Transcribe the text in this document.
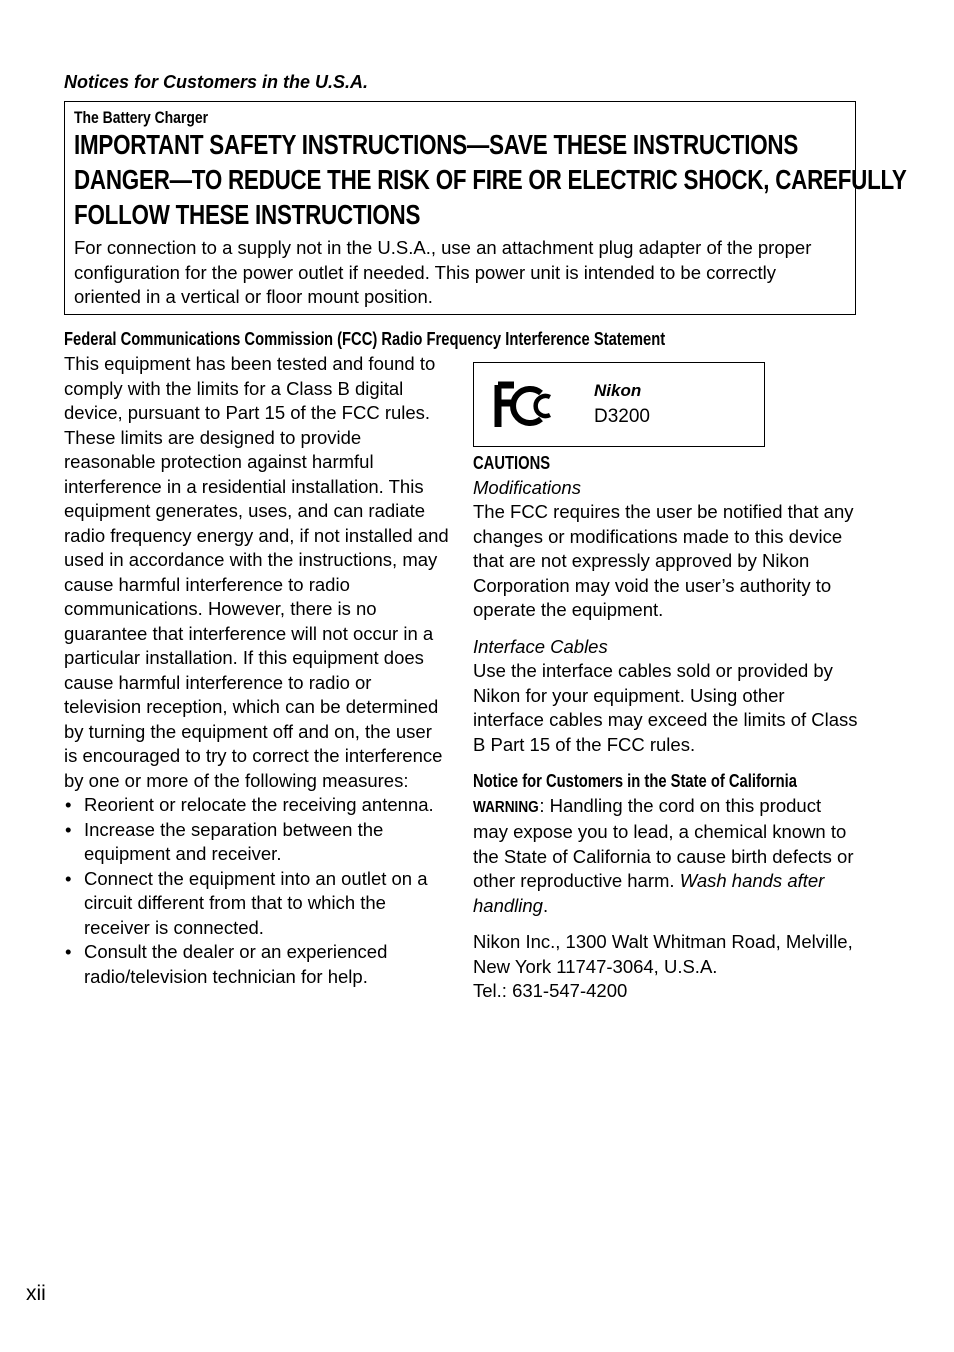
Notices for Customers in the U.S.A.
The Battery Charger
IMPORTANT SAFETY INSTRUCTIONS—SAVE THESE INSTRUCTIONS
DANGER—TO REDUCE THE RISK OF FIRE OR ELECTRIC SHOCK, CAREFULLY
FOLLOW THESE INSTRUCTIONS
For connection to a supply not in the U.S.A., use an attachment plug adapter of the proper configuration for the power outlet if needed. This power unit is intended to be correctly oriented in a vertical or floor mount position.
Federal Communications Commission (FCC) Radio Frequency Interference Statement

This equipment has been tested and found to comply with the limits for a Class B digital device, pursuant to Part 15 of the FCC rules. These limits are designed to provide reasonable protection against harmful interference in a residential installation. This equipment generates, uses, and can radiate radio frequency energy and, if not installed and used in accordance with the instructions, may cause harmful interference to radio communications. However, there is no guarantee that interference will not occur in a particular installation. If this equipment does cause harmful interference to radio or television reception, which can be determined by turning the equipment off and on, the user is encouraged to try to correct the interference by one or more of the following measures:

• Reorient or relocate the receiving antenna.
• Increase the separation between the equipment and receiver.
• Connect the equipment into an outlet on a circuit different from that to which the receiver is connected.
• Consult the dealer or an experienced radio/television technician for help.
Nikon
D3200
CAUTIONS

Modifications

The FCC requires the user be notified that any changes or modifications made to this device that are not expressly approved by Nikon Corporation may void the user’s authority to operate the equipment.

Interface Cables

Use the interface cables sold or provided by Nikon for your equipment. Using other interface cables may exceed the limits of Class B Part 15 of the FCC rules.

Notice for Customers in the State of California

WARNING: Handling the cord on this product may expose you to lead, a chemical known to the State of California to cause birth defects or other reproductive harm. Wash hands after handling.

Nikon Inc., 1300 Walt Whitman Road, Melville, New York 11747-3064, U.S.A.

Tel.: 631-547-4200

xii
